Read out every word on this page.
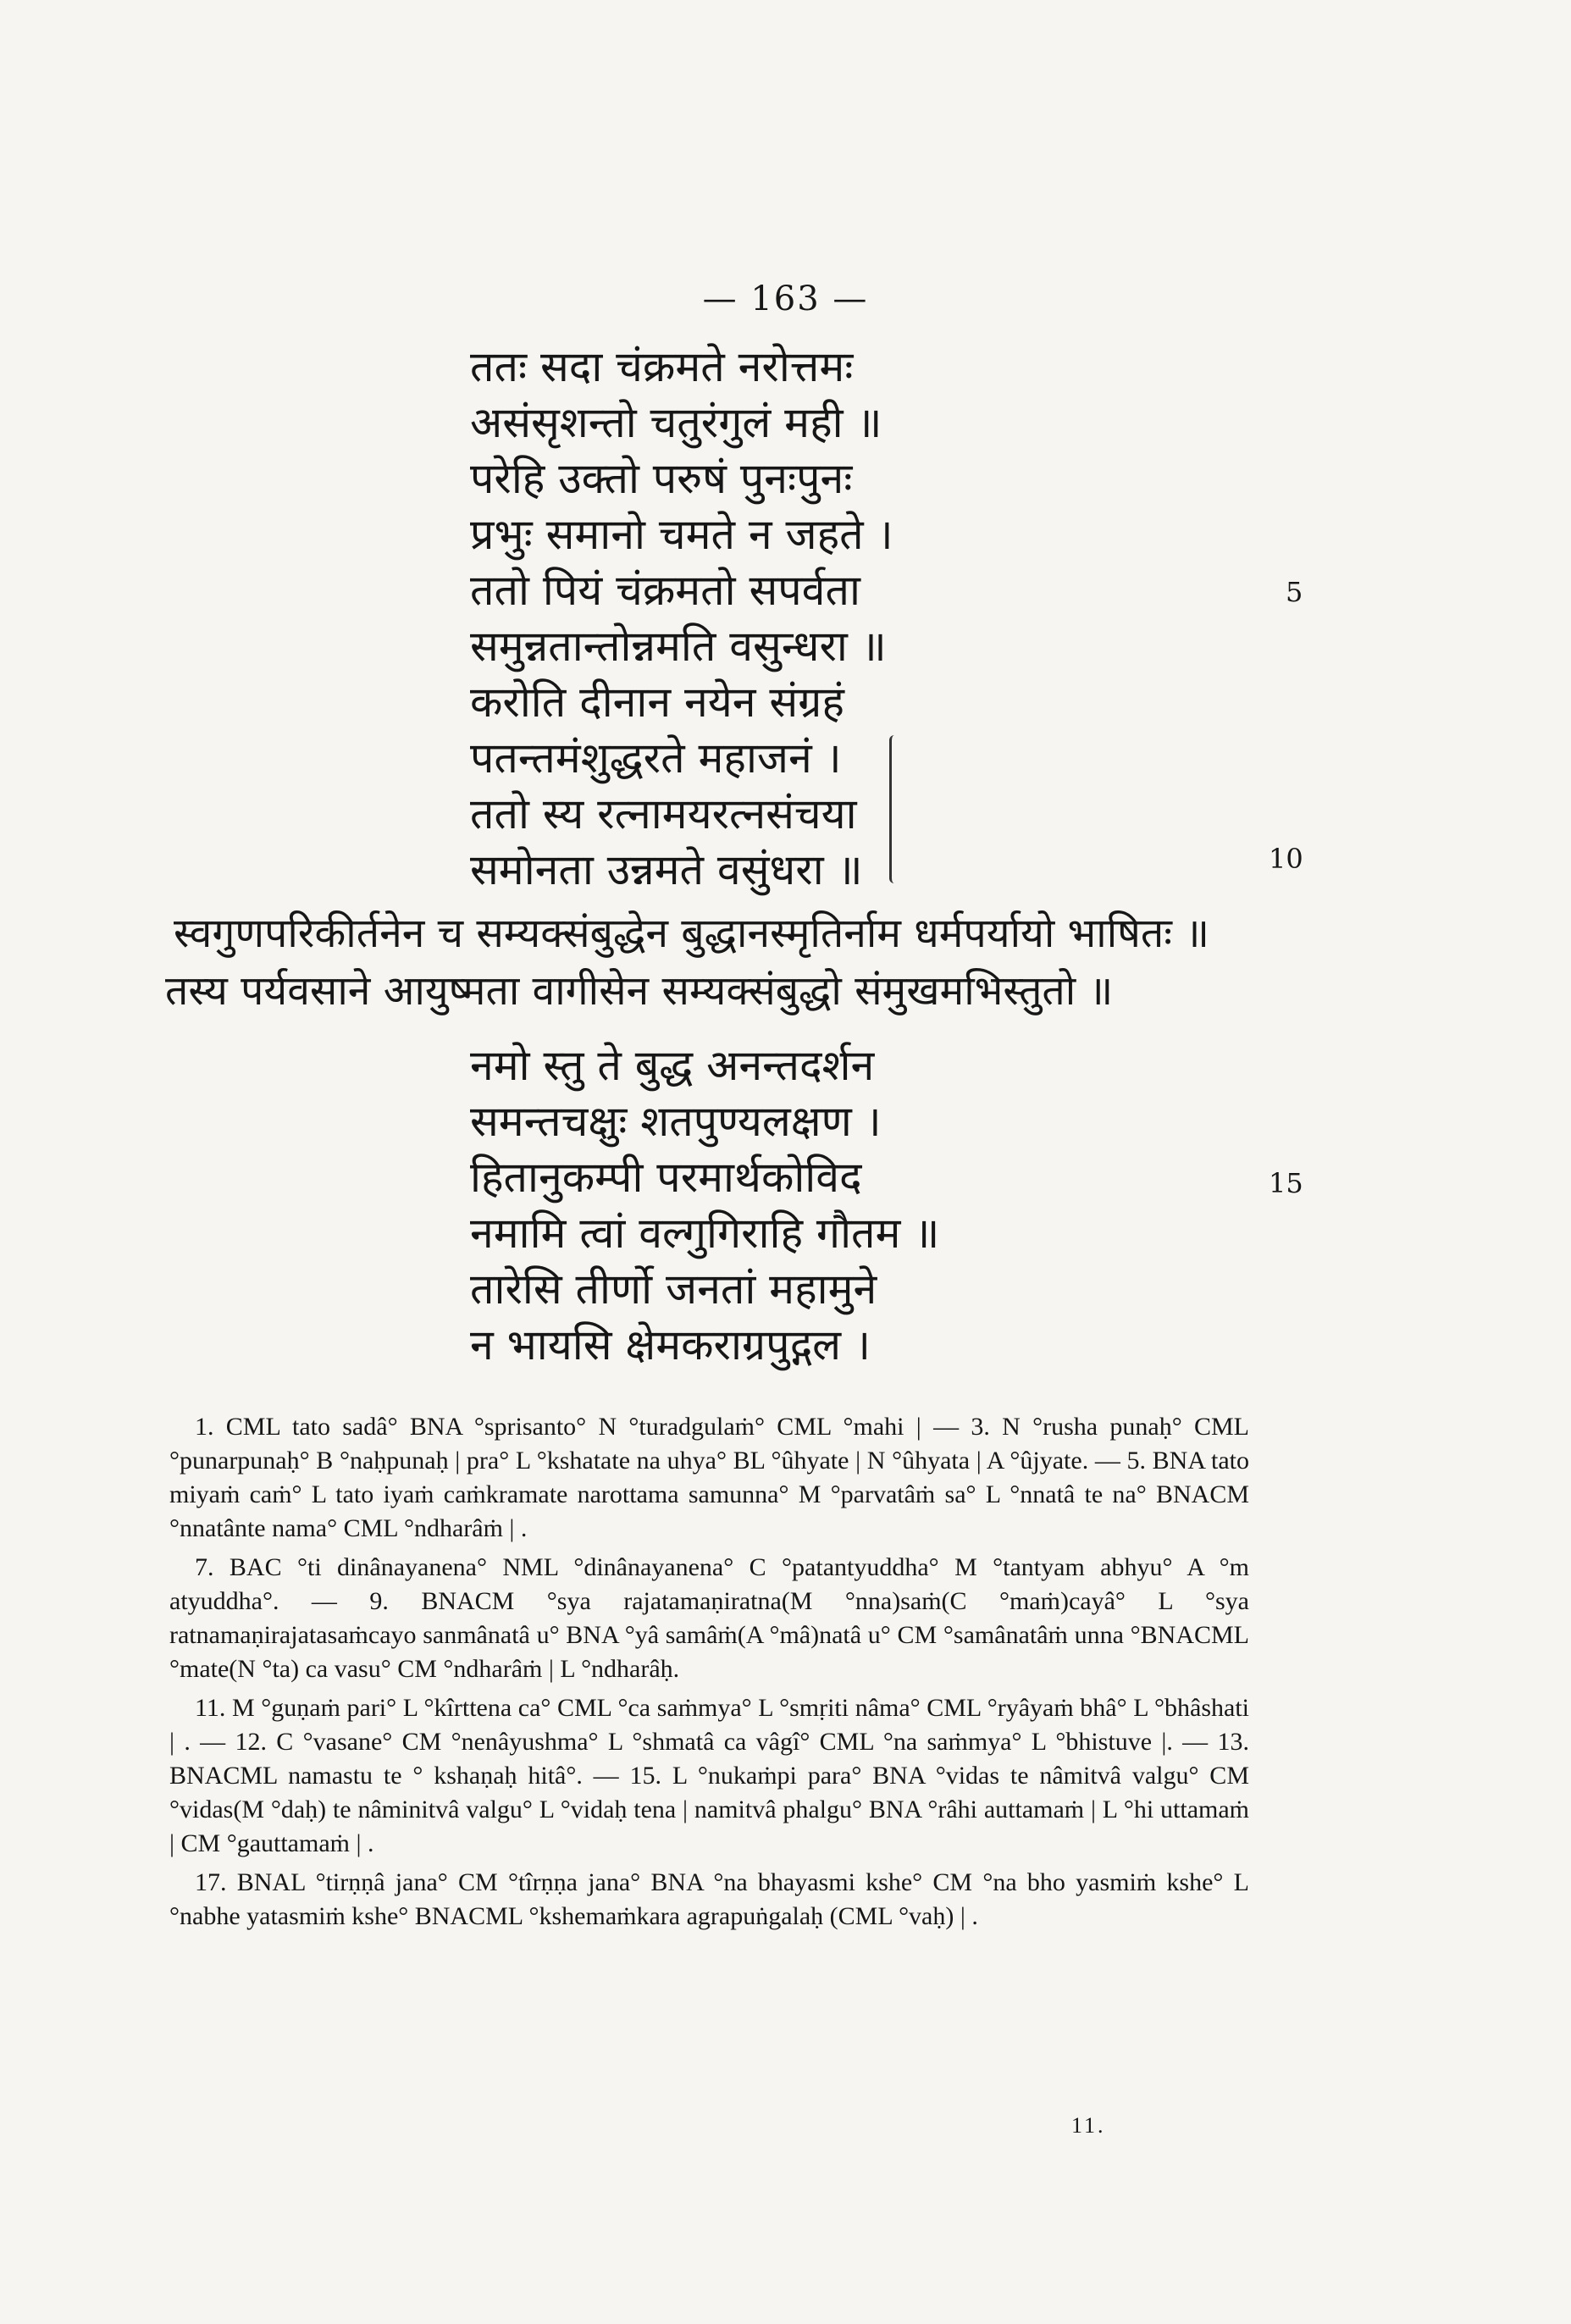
— 163 —
ततः सदा चंक्रमते नरोत्तमः
असंसृशन्तो चतुरंगुलं मही ॥
परेहि उक्तो परुषं पुनःपुनः
प्रभुः समानो चमते न जहते ।
ततो पियं चंक्रमतो सपर्वता
समुन्नतान्तोन्नमति वसुन्धरा ॥
करोति दीनान नयेन संग्रहं
पतन्तमंशुद्धरते महाजनं ।
ततो स्य रत्नामयरत्नसंचया
समोनता उन्नमते वसुंधरा ॥
5
10
स्वगुणपरिकीर्तनेन च सम्यक्संबुद्धेन बुद्धानस्मृतिर्नाम धर्मपर्यायो भाषितः ॥
तस्य पर्यवसाने आयुष्मता वागीसेन सम्यक्संबुद्धो संमुखमभिस्तुतो ॥
नमो स्तु ते बुद्ध अनन्तदर्शन
समन्तचक्षुः शतपुण्यलक्षण ।
हितानुकम्पी परमार्थकोविद
नमामि त्वां वल्गुगिराहि गौतम ॥
तारेसि तीर्णो जनतां महामुने
न भायसि क्षेमकराग्रपुद्गल ।
15

1. CML tato sadâ° BNA °sprisanto° N °turadgulaṁ° CML °mahi | — 3. N °rusha punaḥ° CML °punarpunaḥ° B °naḥpunaḥ | pra° L °kshatate na uhya° BL °ûhyate | N °ûhyata | A °ûjyate. — 5. BNA tato miyaṁ caṁ° L tato iyaṁ caṁkramate narottama samunna° M °parvatâṁ sa° L °nnatâ te na° BNACM °nnatânte nama° CML °ndharâṁ | .

7. BAC °ti dinânayanena° NML °dinânayanena° C °patantyuddha° M °tantyam abhyu° A °m atyuddha°. — 9. BNACM °sya rajatamaṇiratna(M °nna)saṁ(C °maṁ)cayâ° L °sya ratnamaṇirajatasaṁcayo sanmânatâ u° BNA °yâ samâṁ(A °mâ)natâ u° CM °samânatâṁ unna °BNACML °mate(N °ta) ca vasu° CM °ndharâṁ | L °ndharâḥ.

11. M °guṇaṁ pari° L °kîrttena ca° CML °ca saṁmya° L °smṛiti nâma° CML °ryâyaṁ bhâ° L °bhâshati | . — 12. C °vasane° CM °nenâyushma° L °shmatâ ca vâgî° CML °na saṁmya° L °bhistuve |. — 13. BNACML namastu te ° kshaṇaḥ hitâ°. — 15. L °nukaṁpi para° BNA °vidas te nâmitvâ valgu° CM °vidas(M °daḥ) te nâminitvâ valgu° L °vidaḥ tena | namitvâ phalgu° BNA °râhi auttamaṁ | L °hi uttamaṁ | CM °gauttamaṁ | .

17. BNAL °tirṇṇâ jana° CM °tîrṇṇa jana° BNA °na bhayasmi kshe° CM °na bho yasmiṁ kshe° L °nabhe yatasmiṁ kshe° BNACML °kshemaṁkara agrapuṅgalaḥ (CML °vaḥ) | .

11.
